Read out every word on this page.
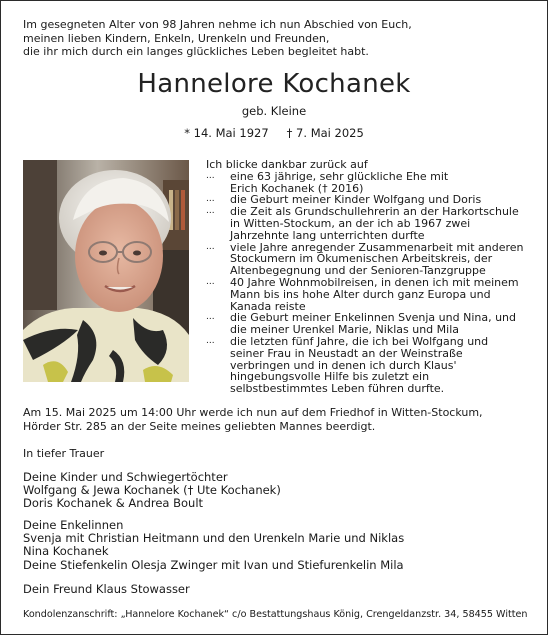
Im gesegneten Alter von 98 Jahren nehme ich nun Abschied von Euch,
meinen lieben Kindern, Enkeln, Urenkeln und Freunden,
die ihr mich durch ein langes glückliches Leben begleitet habt.
Hannelore Kochanek
geb. Kleine
* 14. Mai 1927 † 7. Mai 2025
Ich blicke dankbar zurück auf
...	eine 63 jährige, sehr glückliche Ehe mit
Erich Kochanek († 2016)
...	die Geburt meiner Kinder Wolfgang und Doris
...	die Zeit als Grundschullehrerin an der Harkortschule
in Witten-Stockum, an der ich ab 1967 zwei
Jahrzehnte lang unterrichten durfte
...	viele Jahre anregender Zusammenarbeit mit anderen
Stockumern im Ökumenischen Arbeitskreis, der
Altenbegegnung und der Senioren-Tanzgruppe
...	40 Jahre Wohnmobilreisen, in denen ich mit meinem
Mann bis ins hohe Alter durch ganz Europa und
Kanada reiste
...	die Geburt meiner Enkelinnen Svenja und Nina, und
die meiner Urenkel Marie, Niklas und Mila
...	die letzten fünf Jahre, die ich bei Wolfgang und
seiner Frau in Neustadt an der Weinstraße
verbringen und in denen ich durch Klaus'
hingebungsvolle Hilfe bis zuletzt ein
selbstbestimmtes Leben führen durfte.
Am 15. Mai 2025 um 14:00 Uhr werde ich nun auf dem Friedhof in Witten-Stockum,
Hörder Str. 285 an der Seite meines geliebten Mannes beerdigt.
In tiefer Trauer
Deine Kinder und Schwiegertöchter
Wolfgang & Jewa Kochanek († Ute Kochanek)
Doris Kochanek & Andrea Boult
Deine Enkelinnen
Svenja mit Christian Heitmann und den Urenkeln Marie und Niklas
Nina Kochanek
Deine Stiefenkelin Olesja Zwinger mit Ivan und Stiefurenkelin Mila
Dein Freund Klaus Stowasser
Kondolenzanschrift: „Hannelore Kochanek“ c/o Bestattungshaus König, Crengeldanzstr. 34, 58455 Witten
